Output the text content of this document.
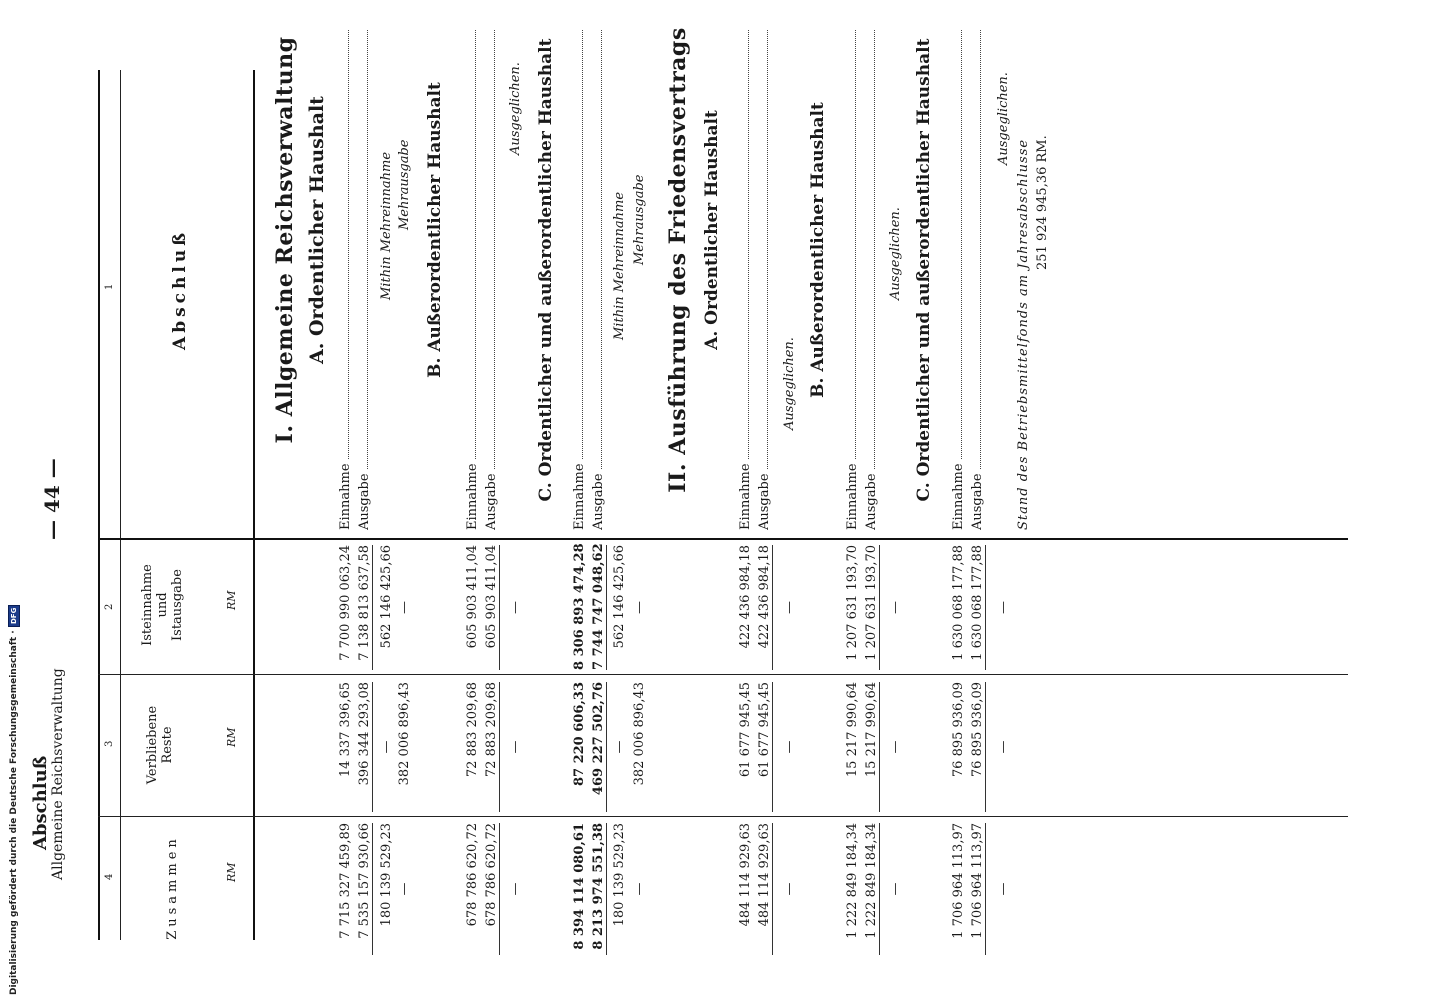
Abschluß Allgemeine Reichsverwaltung
— 44 —
1
2
3
4
Abschluß
Isteinnahme und Istausgabe
Verbliebene Reste
Zusammen
RM
RM
RM
I. Allgemeine Reichsverwaltung A. Ordentlicher Haushalt
Einnahme
7 700 990 063,24
14 337 396,65
7 715 327 459,89
Ausgabe
7 138 813 637,58
396 344 293,08
7 535 157 930,66
Mithin Mehreinnahme
562 146 425,66
—
180 139 529,23
Mehrausgabe
—
382 006 896,43
—
B. Außerordentlicher Haushalt
Einnahme
605 903 411,04
72 883 209,68
678 786 620,72
Ausgabe
605 903 411,04
72 883 209,68
678 786 620,72
Ausgeglichen.
—
—
—
C. Ordentlicher und außerordentlicher Haushalt Einnahme
8 306 893 474,28
87 220 606,33
8 394 114 080,61
Ausgabe
7 744 747 048,62
469 227 502,76
8 213 974 551,38
Mithin Mehreinnahme
562 146 425,66
—
180 139 529,23
Mehrausgabe
—
382 006 896,43
—
II. Ausführung des Friedensvertrags A. Ordentlicher Haushalt
Einnahme
422 436 984,18
61 677 945,45
484 114 929,63
Ausgabe
422 436 984,18
61 677 945,45
484 114 929,63
Ausgeglichen.
—
—
—
B. Außerordentlicher Haushalt
Einnahme
1 207 631 193,70
15 217 990,64
1 222 849 184,34
Ausgabe
1 207 631 193,70
15 217 990,64
1 222 849 184,34
Ausgeglichen.
—
—
—
C. Ordentlicher und außerordentlicher Haushalt Einnahme
1 630 068 177,88
76 895 936,09
1 706 964 113,97
Ausgabe
1 630 068 177,88
76 895 936,09
1 706 964 113,97
Ausgeglichen.
—
—
—
Stand des Betriebsmittelfonds am Jahresabschlusse 251 924 945,36 RM.
Digitalisierung gefördert durch die Deutsche Forschungsgemeinschaft ·
DFG
